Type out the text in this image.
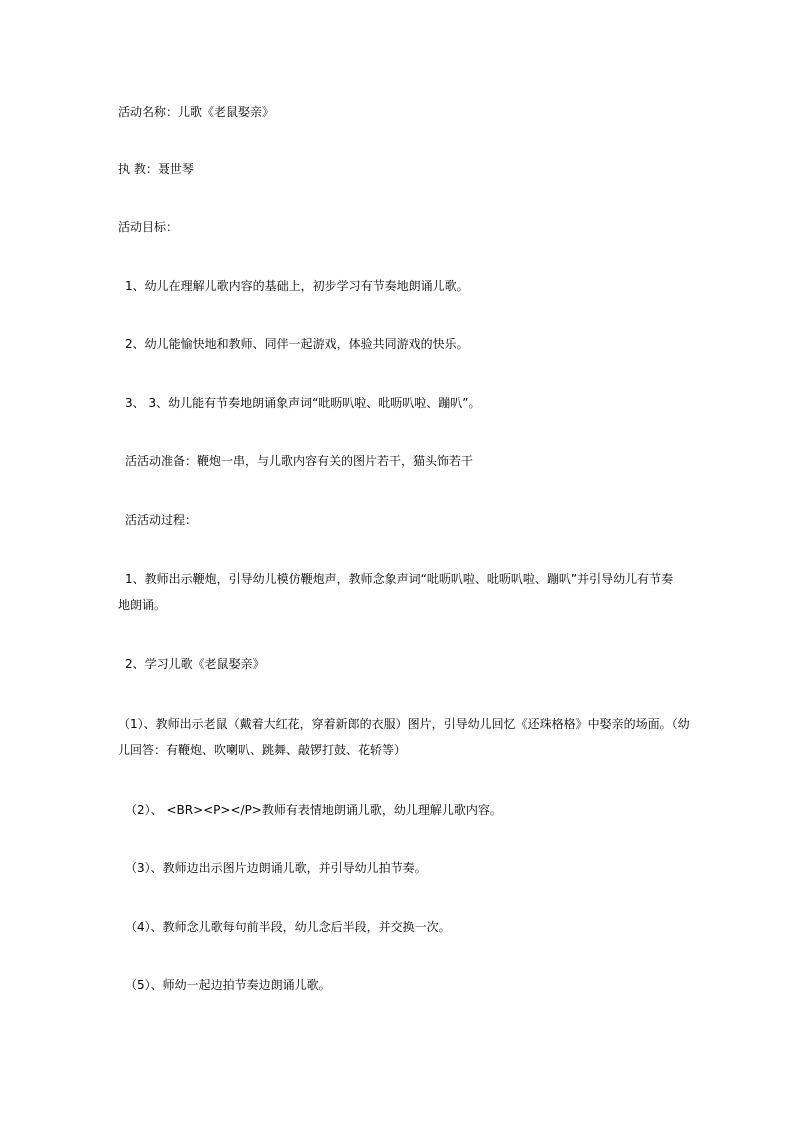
活动名称：儿歌《老鼠娶亲》
执 教：聂世琴
活动目标：
1、幼儿在理解儿歌内容的基础上，初步学习有节奏地朗诵儿歌。
2、幼儿能愉快地和教师、同伴一起游戏，体验共同游戏的快乐。
3、 3、幼儿能有节奏地朗诵象声词“吡呖叭啦、吡呖叭啦、蹦叭”。
活活动准备：鞭炮一串，与儿歌内容有关的图片若干，猫头饰若干
活活动过程：
1、教师出示鞭炮，引导幼儿模仿鞭炮声，教师念象声词“吡呖叭啦、吡呖叭啦、蹦叭”并引导幼儿有节奏地朗诵。
2、学习儿歌《老鼠娶亲》
（1）、教师出示老鼠（戴着大红花，穿着新郎的衣服）图片，引导幼儿回忆《还珠格格》中娶亲的场面。（幼儿回答：有鞭炮、吹喇叭、跳舞、敲锣打鼓、花轿等）
（2）、 <BR><P></P>教师有表情地朗诵儿歌，幼儿理解儿歌内容。
（3）、教师边出示图片边朗诵儿歌，并引导幼儿拍节奏。
（4）、教师念儿歌每句前半段，幼儿念后半段，并交换一次。
（5）、师幼一起边拍节奏边朗诵儿歌。
